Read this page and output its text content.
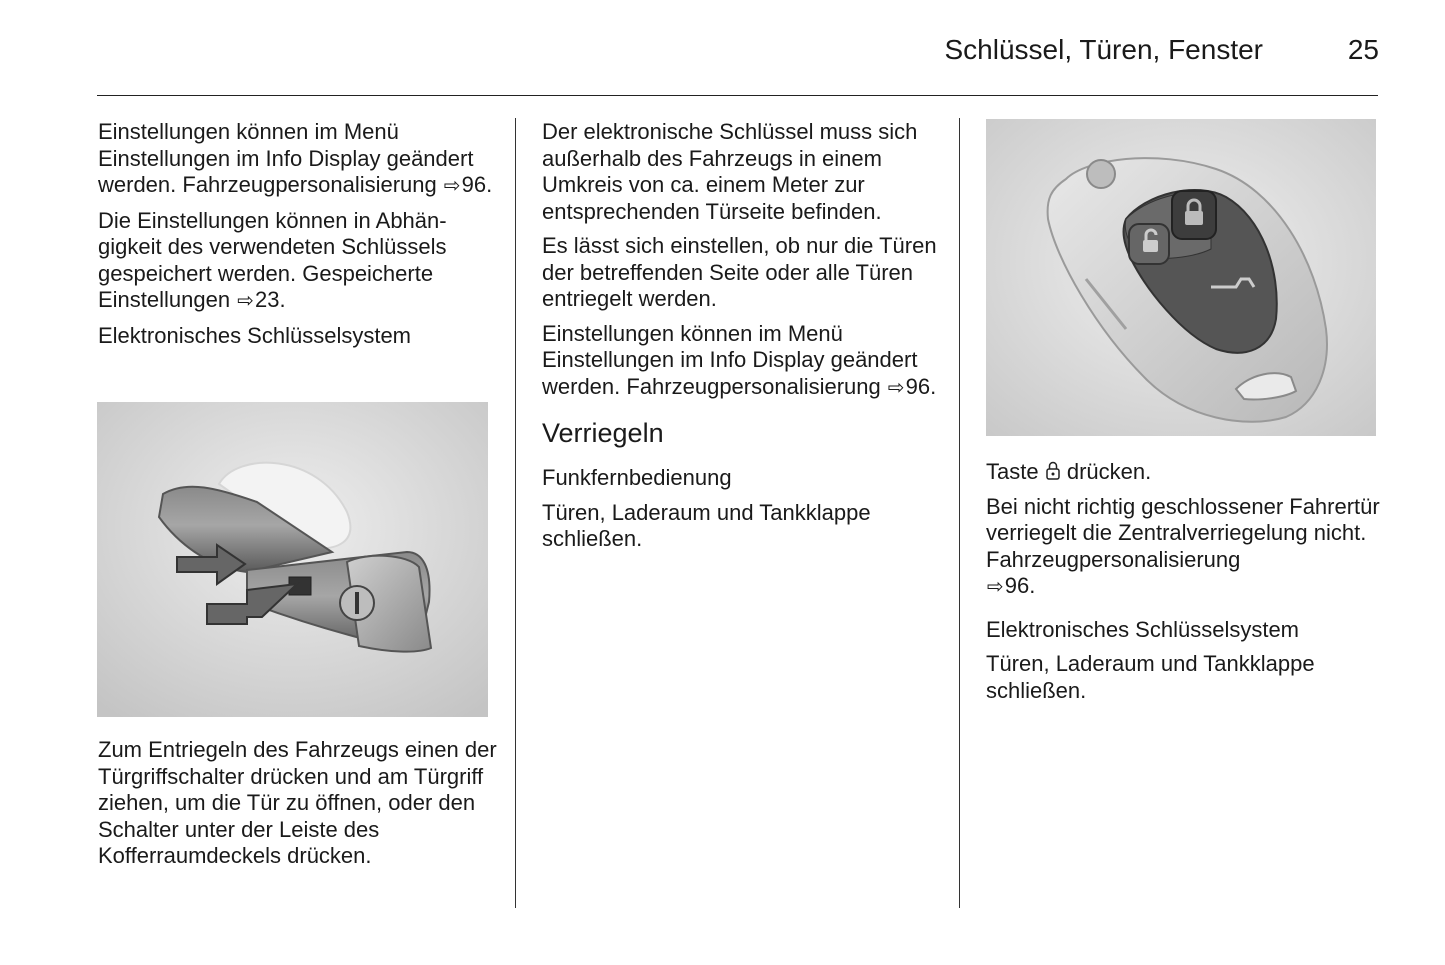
Schlüssel, Türen, Fenster	25

Einstellungen können im Menü
Einstellungen im Info Display geändert werden. Fahrzeugpersonalisierung ⇨96.

Die Einstellungen können in Abhängigkeit des verwendeten Schlüssels gespeichert werden. Gespeicherte Einstellungen ⇨23.

Elektronisches Schlüsselsystem

Zum Entriegeln des Fahrzeugs einen der Türgriffschalter drücken und am Türgriff ziehen, um die Tür zu öffnen, oder den Schalter unter der Leiste des Kofferraumdeckels drücken.

Der elektronische Schlüssel muss sich außerhalb des Fahrzeugs in einem Umkreis von ca. einem Meter zur entsprechenden Türseite befinden.

Es lässt sich einstellen, ob nur die Türen der betreffenden Seite oder alle Türen entriegelt werden.

Einstellungen können im Menü
Einstellungen im Info Display geändert werden. Fahrzeugpersonalisierung ⇨96.

Verriegeln

Funkfernbedienung

Türen, Laderaum und Tankklappe schließen.

Taste drücken.

Bei nicht richtig geschlossener Fahrertür verriegelt die Zentralverriegelung nicht. Fahrzeugpersonalisierung
⇨96.

Elektronisches Schlüsselsystem

Türen, Laderaum und Tankklappe schließen.
